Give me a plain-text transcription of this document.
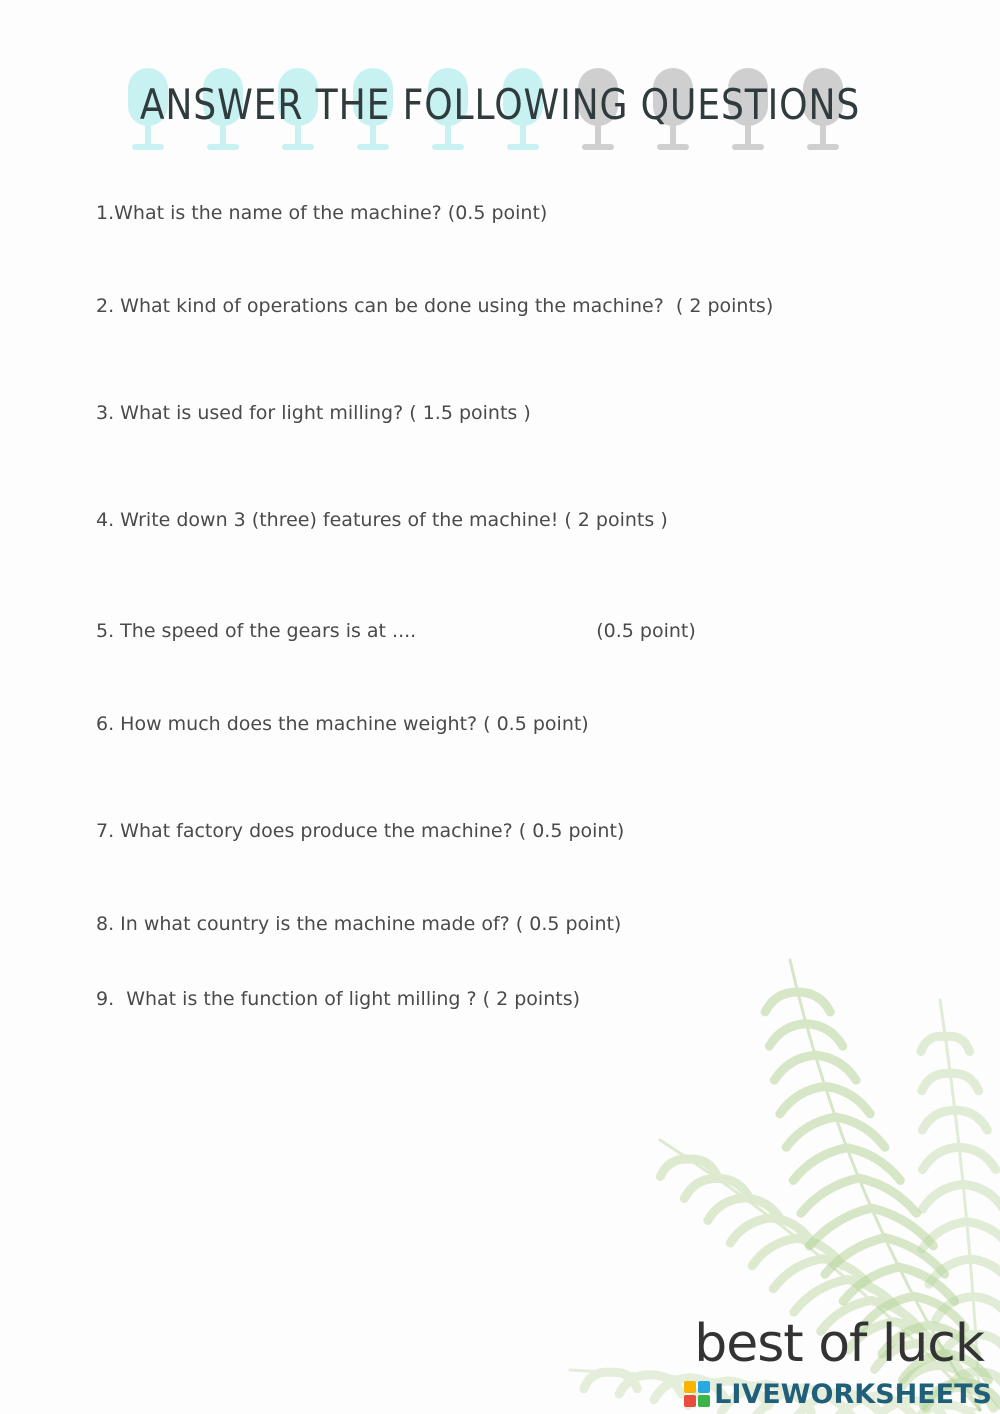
ANSWER THE FOLLOWING QUESTIONS
1.What is the name of the machine? (0.5 point)
2. What kind of operations can be done using the machine?  ( 2 points)
3. What is used for light milling? ( 1.5 points )
4. Write down 3 (three) features of the machine! ( 2 points )
5. The speed of the gears is at ....	(0.5 point)
6. How much does the machine weight? ( 0.5 point)
7. What factory does produce the machine? ( 0.5 point)
8. In what country is the machine made of? ( 0.5 point)
9.  What is the function of light milling ? ( 2 points)
best of luck
LIVEWORKSHEETS
